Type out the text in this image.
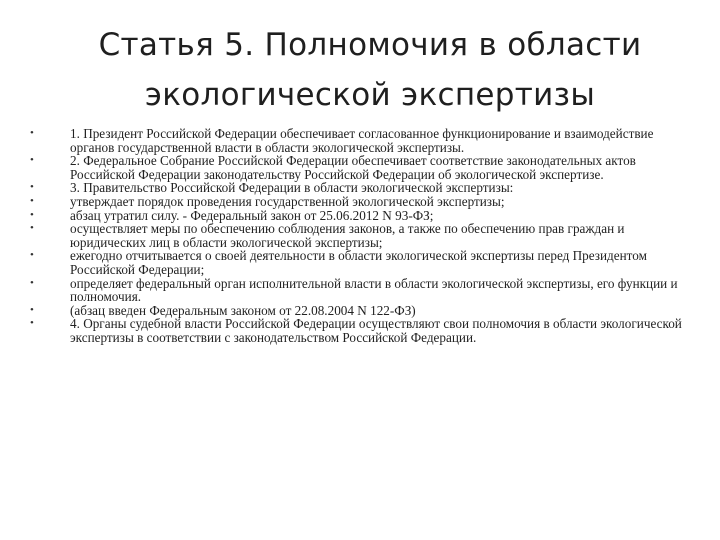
Статья 5. Полномочия в области
экологической экспертизы
•	1. Президент Российской Федерации обеспечивает согласованное функционирование и взаимодействие органов государственной власти в области экологической экспертизы.
•	2. Федеральное Собрание Российской Федерации обеспечивает соответствие законодательных актов Российской Федерации законодательству Российской Федерации об экологической экспертизе.
•	3. Правительство Российской Федерации в области экологической экспертизы:
•	утверждает порядок проведения государственной экологической экспертизы;
•	абзац утратил силу. - Федеральный закон от 25.06.2012 N 93-ФЗ;
•	осуществляет меры по обеспечению соблюдения законов, а также по обеспечению прав граждан и юридических лиц в области экологической экспертизы;
•	ежегодно отчитывается о своей деятельности в области экологической экспертизы перед Президентом Российской Федерации;
•	определяет федеральный орган исполнительной власти в области экологической экспертизы, его функции и полномочия.
•	(абзац введен Федеральным законом от 22.08.2004 N 122-ФЗ)
•	4. Органы судебной власти Российской Федерации осуществляют свои полномочия в области экологической экспертизы в соответствии с законодательством Российской Федерации.
